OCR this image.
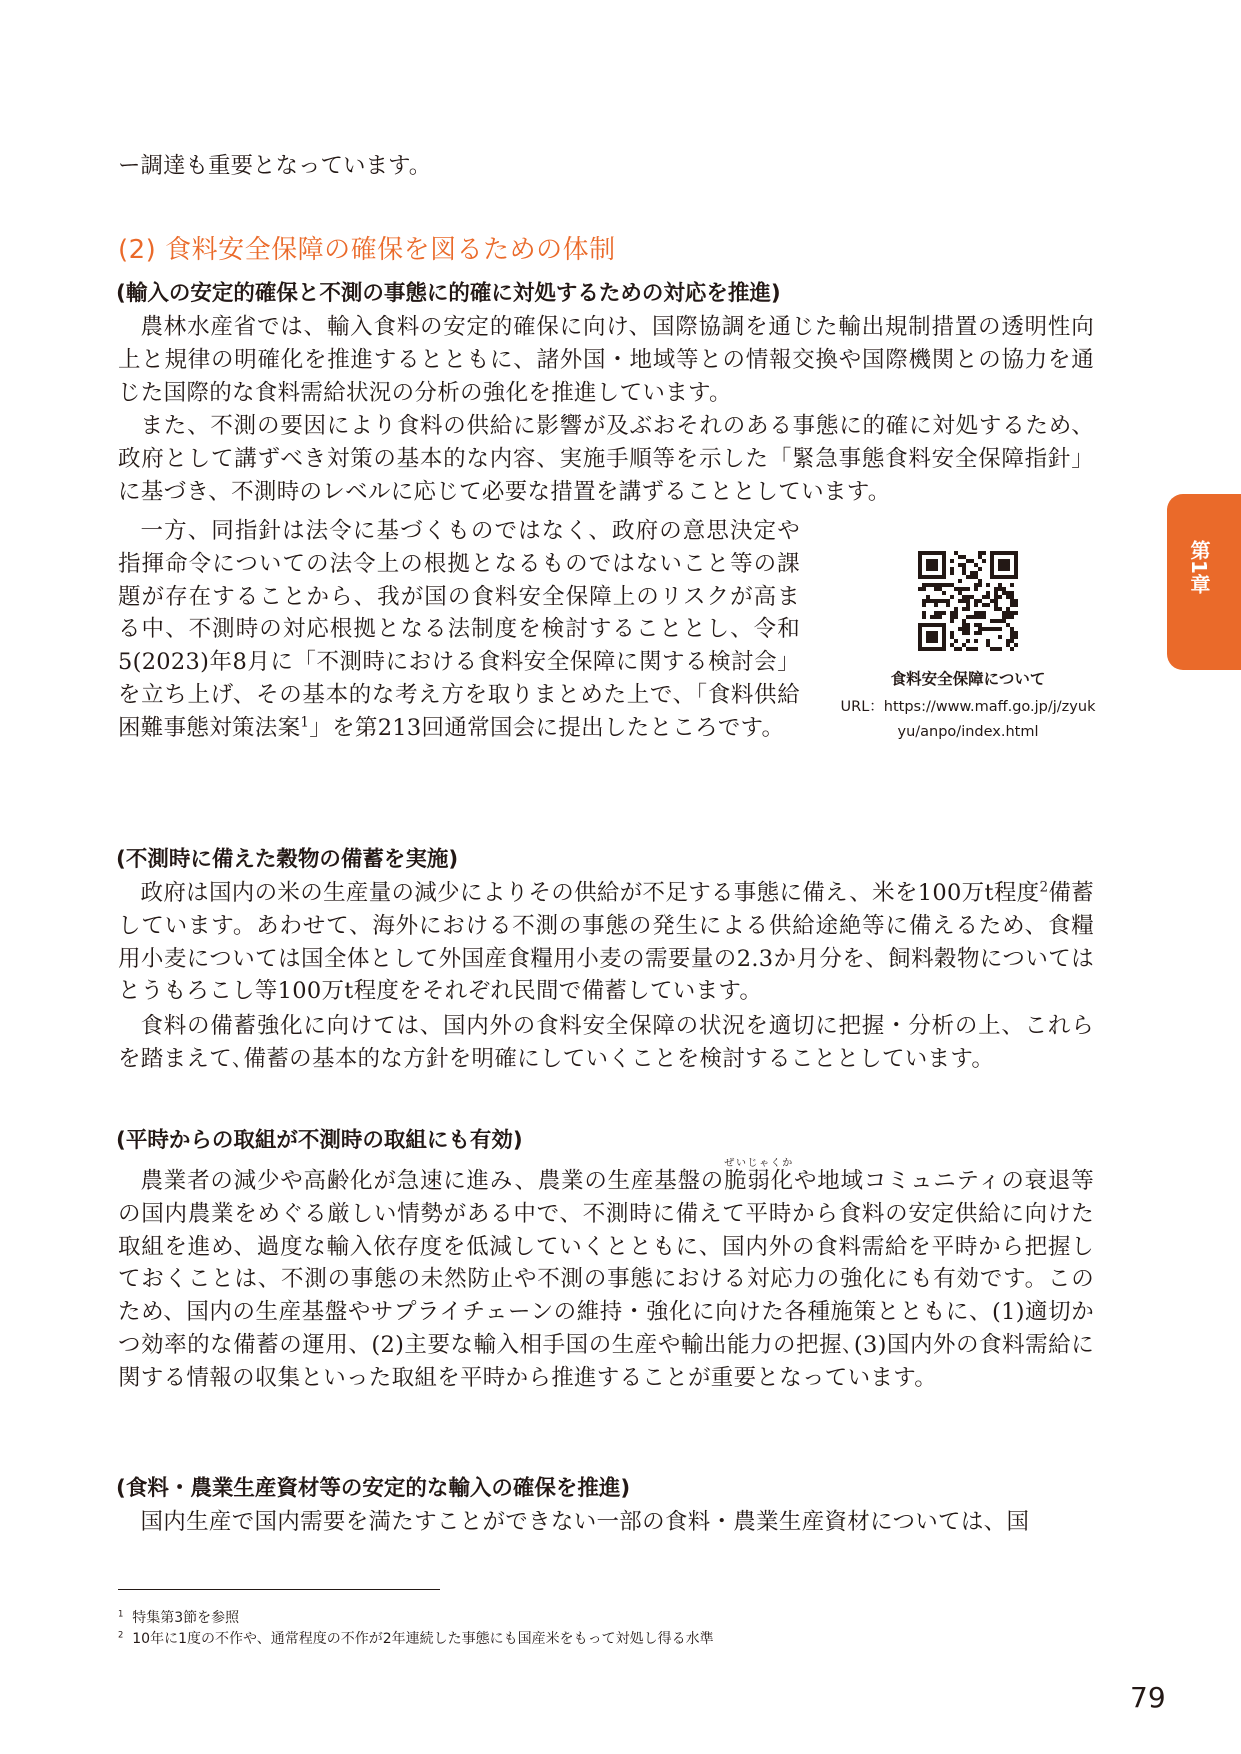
ー調達も重要となっています。

(2) 食料安全保障の確保を図るための体制
(輸入の安定的確保と不測の事態に的確に対処するための対応を推進)

農林水産省では、輸入食料の安定的確保に向け、国際協調を通じた輸出規制措置の透明性向上と規律の明確化を推進するとともに、諸外国・地域等との情報交換や国際機関との協力を通じた国際的な食料需給状況の分析の強化を推進しています。

また、不測の要因により食料の供給に影響が及ぶおそれのある事態に的確に対処するため、政府として講ずべき対策の基本的な内容、実施手順等を示した「緊急事態食料安全保障指針」に基づき、不測時のレベルに応じて必要な措置を講ずることとしています。

一方、同指針は法令に基づくものではなく、政府の意思決定や指揮命令についての法令上の根拠となるものではないこと等の課題が存在することから、我が国の食料安全保障上のリスクが高まる中、不測時の対応根拠となる法制度を検討することとし、令和5(2023)年8月に「不測時における食料安全保障に関する検討会」を立ち上げ、その基本的な考え方を取りまとめた上で、「食料供給困難事態対策法案$^1$」を第213回通常国会に提出したところです。

食料安全保障について
URL：https://www.maff.go.jp/j/zyukyu/anpo/index.html
(不測時に備えた穀物の備蓄を実施)

政府は国内の米の生産量の減少によりその供給が不足する事態に備え、米を100万t程度$^2$備蓄しています。あわせて、海外における不測の事態の発生による供給途絶等に備えるため、食糧用小麦については国全体として外国産食糧用小麦の需要量の2.3か月分を、飼料穀物についてはとうもろこし等100万t程度をそれぞれ民間で備蓄しています。

食料の備蓄強化に向けては、国内外の食料安全保障の状況を適切に把握・分析の上、これらを踏まえて､備蓄の基本的な方針を明確にしていくことを検討することとしています。

(平時からの取組が不測時の取組にも有効)

農業者の減少や高齢化が急速に進み、農業の生産基盤の脆弱化ぜいじゃくかや地域コミュニティの衰退等の国内農業をめぐる厳しい情勢がある中で、不測時に備えて平時から食料の安定供給に向けた取組を進め、過度な輸入依存度を低減していくとともに、国内外の食料需給を平時から把握しておくことは、不測の事態の未然防止や不測の事態における対応力の強化にも有効です。このため、国内の生産基盤やサプライチェーンの維持・強化に向けた各種施策とともに、(1)適切かつ効率的な備蓄の運用、(2)主要な輸入相手国の生産や輸出能力の把握､(3)国内外の食料需給に関する情報の収集といった取組を平時から推進することが重要となっています。

(食料・農業生産資材等の安定的な輸入の確保を推進)

国内生産で国内需要を満たすことができない一部の食料・農業生産資材については、国

$^1$ 特集第3節を参照

$^2$ 10年に1度の不作や、通常程度の不作が2年連続した事態にも国産米をもって対処し得る水準

第1章
79
